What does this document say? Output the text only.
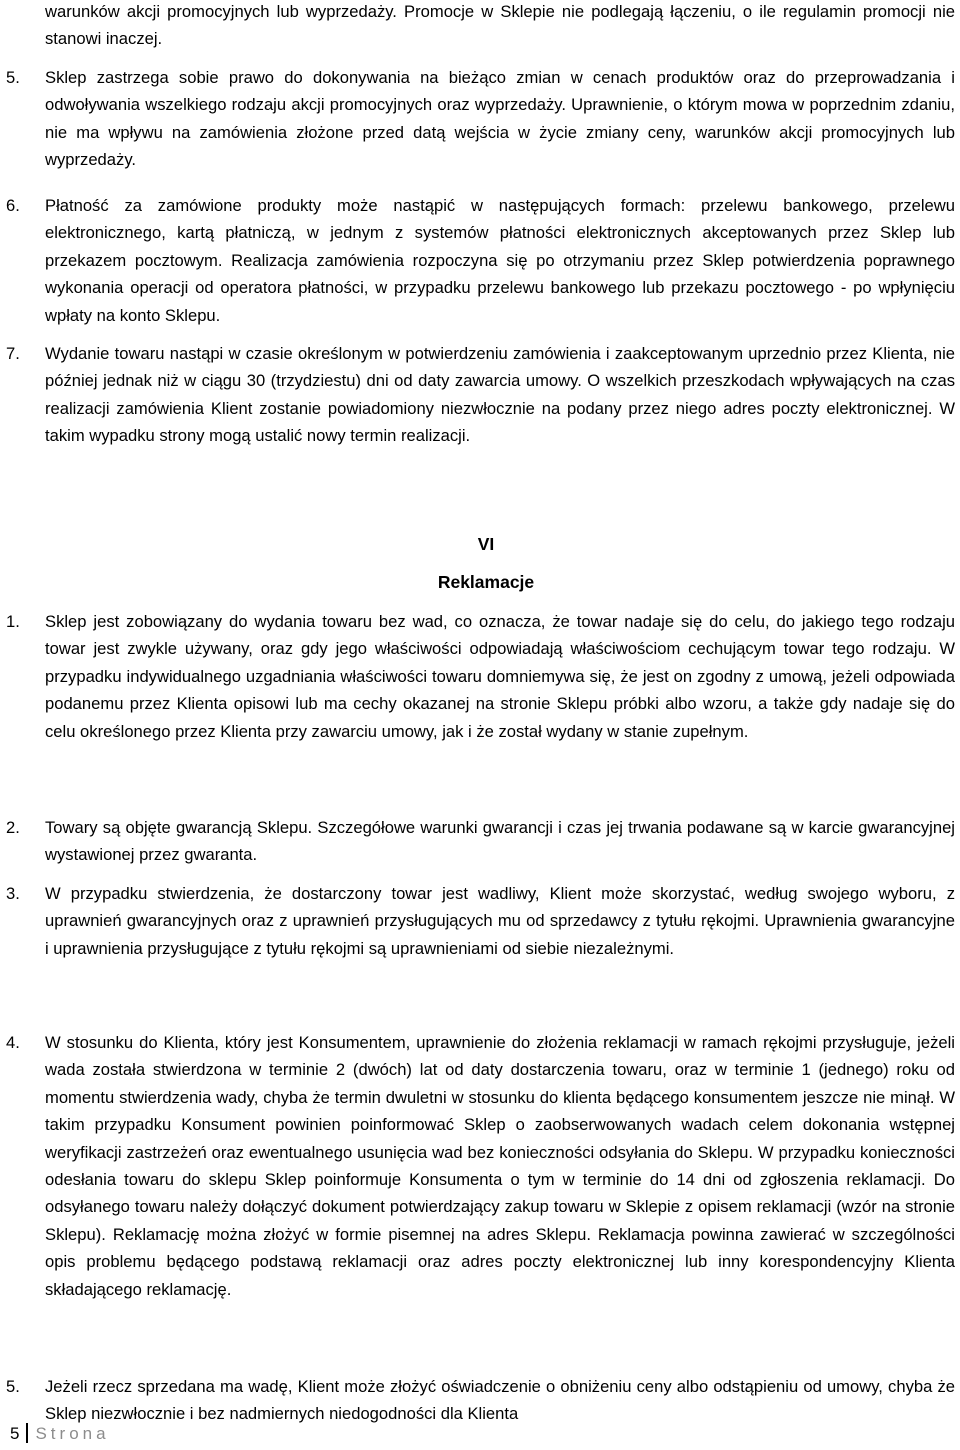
warunków akcji promocyjnych lub wyprzedaży. Promocje w Sklepie nie podlegają łączeniu, o ile regulamin promocji nie stanowi inaczej.

5. Sklep zastrzega sobie prawo do dokonywania na bieżąco zmian w cenach produktów oraz do przeprowadzania i odwoływania wszelkiego rodzaju akcji promocyjnych oraz wyprzedaży. Uprawnienie, o którym mowa w poprzednim zdaniu, nie ma wpływu na zamówienia złożone przed datą wejścia w życie zmiany ceny, warunków akcji promocyjnych lub wyprzedaży.

6. Płatność za zamówione produkty może nastąpić w następujących formach: przelewu bankowego, przelewu elektronicznego, kartą płatniczą, w jednym z systemów płatności elektronicznych akceptowanych przez Sklep lub przekazem pocztowym. Realizacja zamówienia rozpoczyna się po otrzymaniu przez Sklep potwierdzenia poprawnego wykonania operacji od operatora płatności, w przypadku przelewu bankowego lub przekazu pocztowego - po wpłynięciu wpłaty na konto Sklepu.

7. Wydanie towaru nastąpi w czasie określonym w potwierdzeniu zamówienia i zaakceptowanym uprzednio przez Klienta, nie później jednak niż w ciągu 30 (trzydziestu) dni od daty zawarcia umowy. O wszelkich przeszkodach wpływających na czas realizacji zamówienia Klient zostanie powiadomiony niezwłocznie na podany przez niego adres poczty elektronicznej. W takim wypadku strony mogą ustalić nowy termin realizacji.

VI
Reklamacje
1. Sklep jest zobowiązany do wydania towaru bez wad, co oznacza, że towar nadaje się do celu, do jakiego tego rodzaju towar jest zwykle używany, oraz gdy jego właściwości odpowiadają właściwościom cechującym towar tego rodzaju. W przypadku indywidualnego uzgadniania właściwości towaru domniemywa się, że jest on zgodny z umową, jeżeli odpowiada podanemu przez Klienta opisowi lub ma cechy okazanej na stronie Sklepu próbki albo wzoru, a także gdy nadaje się do celu określonego przez Klienta przy zawarciu umowy, jak i że został wydany w stanie zupełnym.

2. Towary są objęte gwarancją Sklepu. Szczegółowe warunki gwarancji i czas jej trwania podawane są w karcie gwarancyjnej wystawionej przez gwaranta.

3. W przypadku stwierdzenia, że dostarczony towar jest wadliwy, Klient może skorzystać, według swojego wyboru, z uprawnień gwarancyjnych oraz z uprawnień przysługujących mu od sprzedawcy z tytułu rękojmi. Uprawnienia gwarancyjne i uprawnienia przysługujące z tytułu rękojmi są uprawnieniami od siebie niezależnymi.

4. W stosunku do Klienta, który jest Konsumentem, uprawnienie do złożenia reklamacji w ramach rękojmi przysługuje, jeżeli wada została stwierdzona w terminie 2 (dwóch) lat od daty dostarczenia towaru, oraz w terminie 1 (jednego) roku od momentu stwierdzenia wady, chyba że termin dwuletni w stosunku do klienta będącego konsumentem jeszcze nie minął. W takim przypadku Konsument powinien poinformować Sklep o zaobserwowanych wadach celem dokonania wstępnej weryfikacji zastrzeżeń oraz ewentualnego usunięcia wad bez konieczności odsyłania do Sklepu. W przypadku konieczności odesłania towaru do sklepu Sklep poinformuje Konsumenta o tym w terminie do 14 dni od zgłoszenia reklamacji. Do odsyłanego towaru należy dołączyć dokument potwierdzający zakup towaru w Sklepie z opisem reklamacji (wzór na stronie Sklepu). Reklamację można złożyć w formie pisemnej na adres Sklepu. Reklamacja powinna zawierać w szczególności opis problemu będącego podstawą reklamacji oraz adres poczty elektronicznej lub inny korespondencyjny Klienta składającego reklamację.

5. Jeżeli rzecz sprzedana ma wadę, Klient może złożyć oświadczenie o obniżeniu ceny albo odstąpieniu od umowy, chyba że Sklep niezwłocznie i bez nadmiernych niedogodności dla Klienta

5 Strona
